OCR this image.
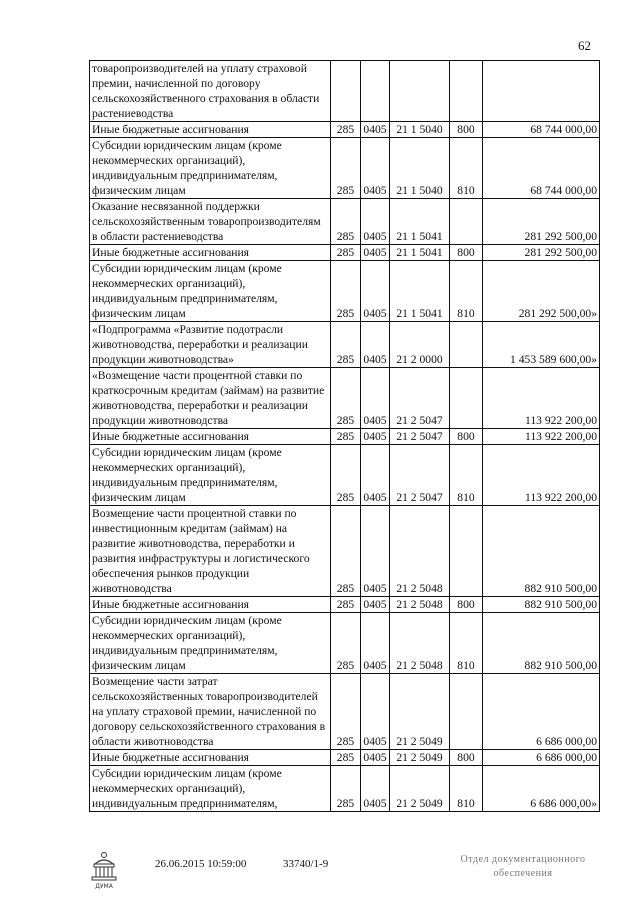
62
товаропроизводителей на уплату страховой премии, начисленной по договору сельскохозяйственного страхования в области растениеводства					
Иные бюджетные ассигнования	285	0405	21 1 5040	800	68 744 000,00
Субсидии юридическим лицам (кроме некоммерческих организаций), индивидуальным предпринимателям, физическим лицам	285	0405	21 1 5040	810	68 744 000,00
Оказание несвязанной поддержки сельскохозяйственным товаропроизводителям в области растениеводства	285	0405	21 1 5041		281 292 500,00
Иные бюджетные ассигнования	285	0405	21 1 5041	800	281 292 500,00
Субсидии юридическим лицам (кроме некоммерческих организаций), индивидуальным предпринимателям, физическим лицам	285	0405	21 1 5041	810	281 292 500,00»
«Подпрограмма «Развитие подотрасли животноводства, переработки и реализации продукции животноводства»	285	0405	21 2 0000		1 453 589 600,00»
«Возмещение части процентной ставки по краткосрочным кредитам (займам) на развитие животноводства, переработки и реализации продукции животноводства	285	0405	21 2 5047		113 922 200,00
Иные бюджетные ассигнования	285	0405	21 2 5047	800	113 922 200,00
Субсидии юридическим лицам (кроме некоммерческих организаций), индивидуальным предпринимателям, физическим лицам	285	0405	21 2 5047	810	113 922 200,00
Возмещение части процентной ставки по инвестиционным кредитам (займам) на развитие животноводства, переработки и развития инфраструктуры и логистического обеспечения рынков продукции животноводства	285	0405	21 2 5048		882 910 500,00
Иные бюджетные ассигнования	285	0405	21 2 5048	800	882 910 500,00
Субсидии юридическим лицам (кроме некоммерческих организаций), индивидуальным предпринимателям, физическим лицам	285	0405	21 2 5048	810	882 910 500,00
Возмещение части затрат сельскохозяйственных товаропроизводителей на уплату страховой премии, начисленной по договору сельскохозяйственного страхования в области животноводства	285	0405	21 2 5049		6 686 000,00
Иные бюджетные ассигнования	285	0405	21 2 5049	800	6 686 000,00
Субсидии юридическим лицам (кроме некоммерческих организаций), индивидуальным предпринимателям,	285	0405	21 2 5049	810	6 686 000,00»
ДУМА
26.06.2015 10:59:00	33740/1-9	Отдел документационного
обеспечения
